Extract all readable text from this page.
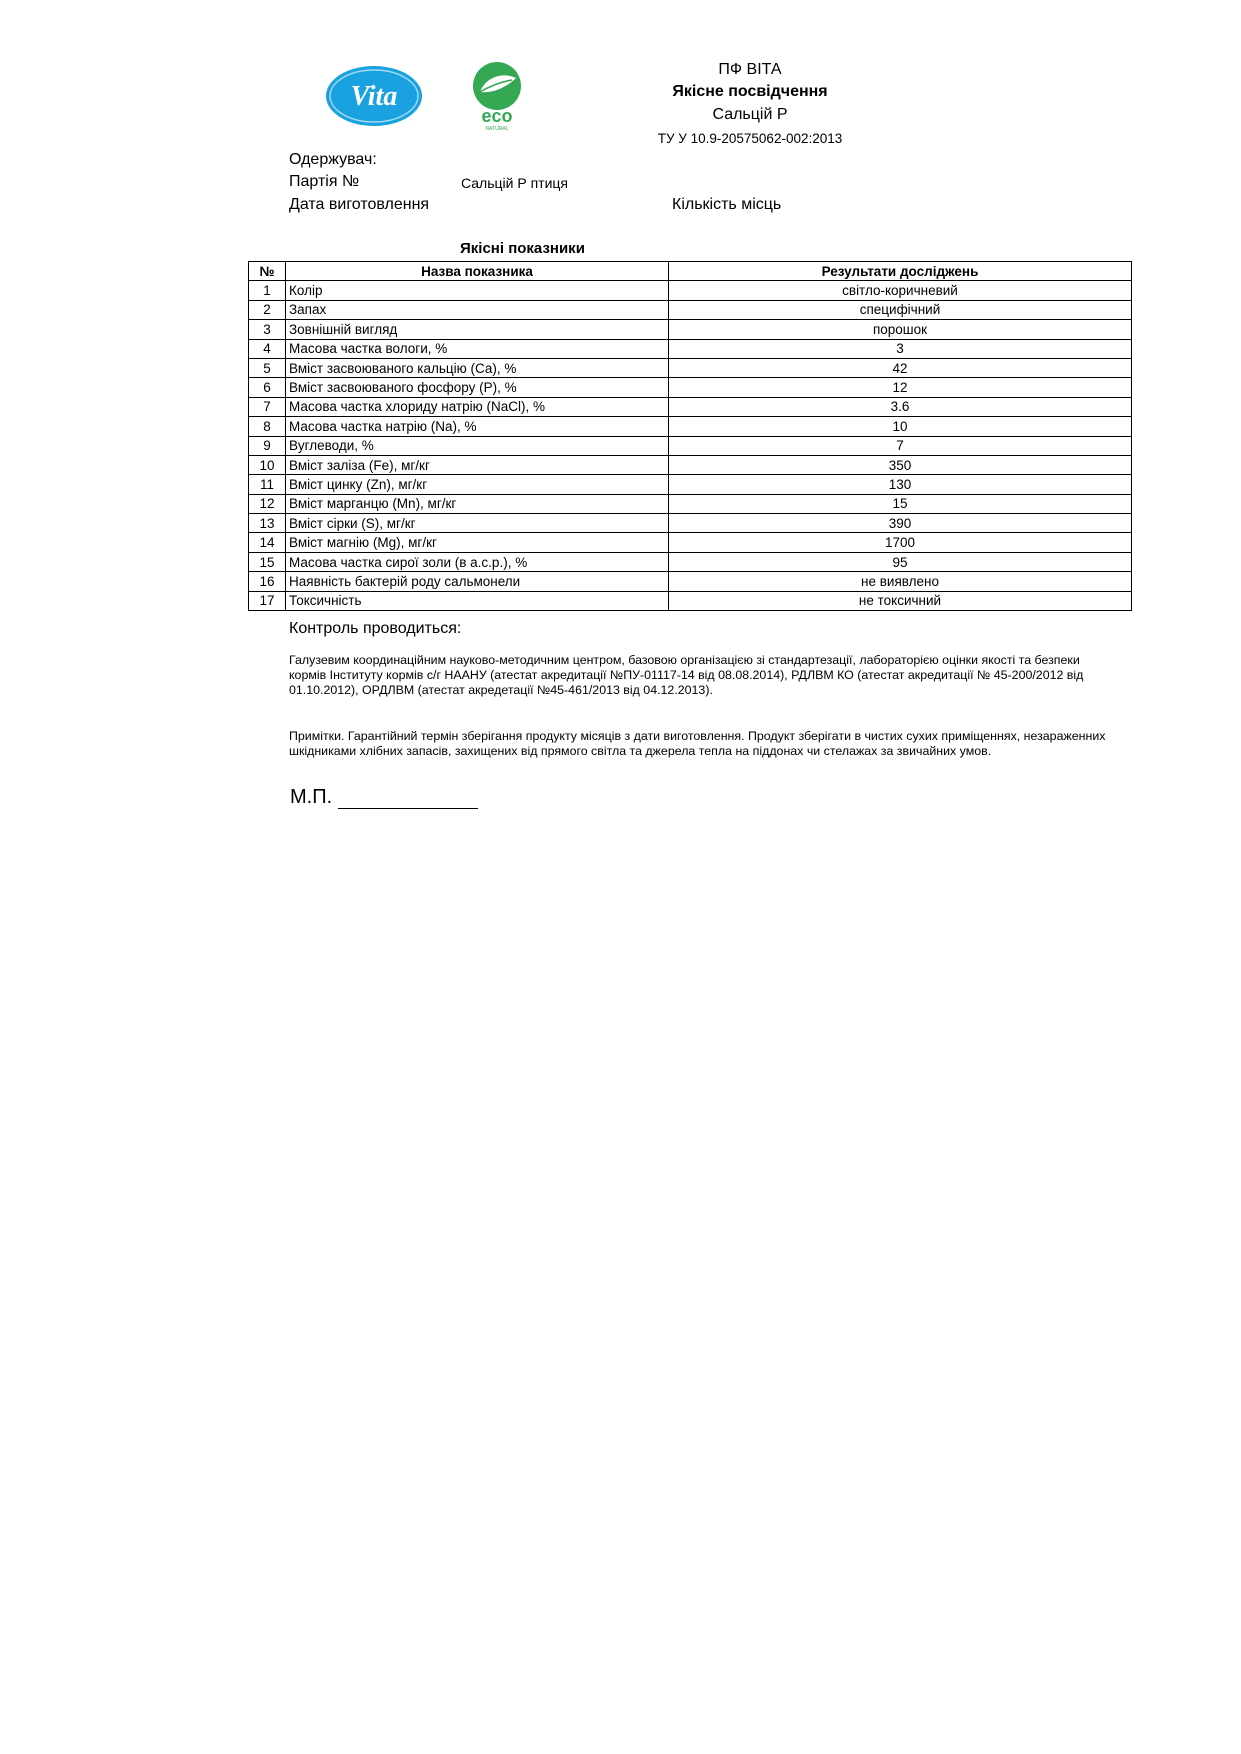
Vita
eco
NATURAL
ПФ ВІТА
Якісне посвідчення
Сальцій Р
ТУ У 10.9-20575062-002:2013
Одержувач:
Партія №	Сальцій Р птиця
Дата виготовлення	Кількість місць
Якісні показники
№	Назва показника	Результати досліджень
1	Колір	світло-коричневий
2	Запах	специфічний
3	Зовнішній вигляд	порошок
4	Масова частка вологи, %	3
5	Вміст засвоюваного кальцію (Са), %	42
6	Вміст засвоюваного фосфору (Р), %	12
7	Масова частка хлориду натрію (NaCl), %	3.6
8	Масова частка натрію (Na), %	10
9	Вуглеводи, %	7
10	Вміст заліза (Fe), мг/кг	350
11	Вміст цинку (Zn), мг/кг	130
12	Вміст марганцю (Mn), мг/кг	15
13	Вміст сірки (S), мг/кг	390
14	Вміст магнію (Mg), мг/кг	1700
15	Масова частка сирої золи (в а.с.р.), %	95
16	Наявність бактерій роду сальмонели	не виявлено
17	Токсичність	не токсичний
Контроль проводиться:
Галузевим координаційним науково-методичним центром, базовою організацією зі стандартезації, лабораторією оцінки якості та безпеки кормів Інституту кормів с/г НААНУ (атестат акредитації №ПУ-01117-14 від 08.08.2014), РДЛВМ КО (атестат акредитації № 45-200/2012 від 01.10.2012), ОРДЛВМ (атестат акредетації №45-461/2013 від 04.12.2013).
Примітки. Гарантійний термін зберігання продукту місяців з дати виготовлення. Продукт зберігати в чистих сухих приміщеннях, незараженних шкідниками хлібних запасів, захищених від прямого світла та джерела тепла на піддонах чи стелажах за звичайних умов.
М.П.
